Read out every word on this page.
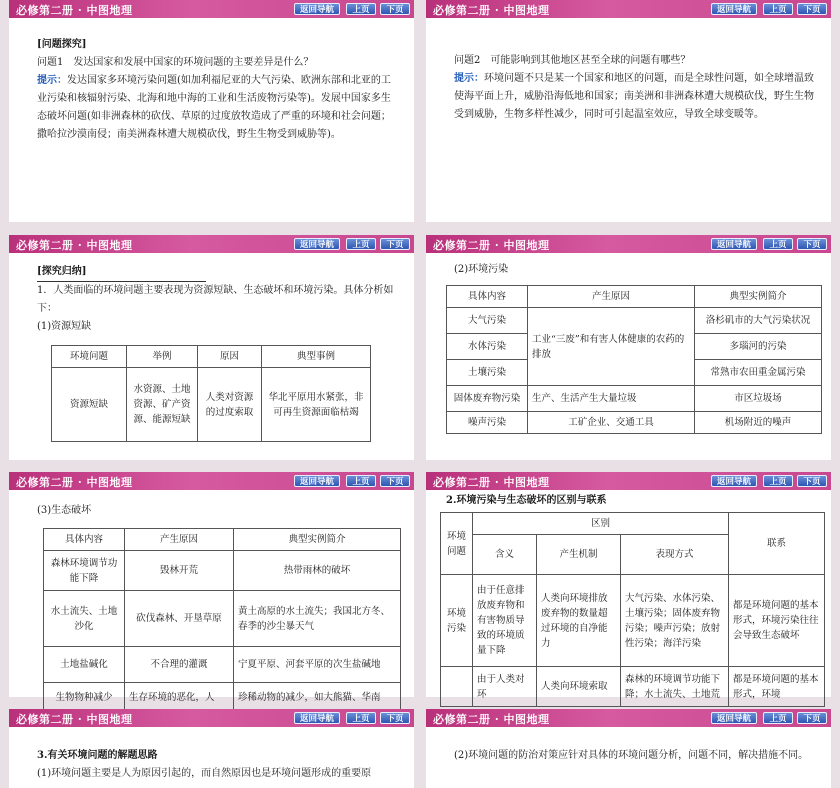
必修第二册 · 中图地理	返回导航	上页	下页
[问题探究]
问题1　发达国家和发展中国家的环境问题的主要差异是什么？
提示：发达国家多环境污染问题(如加利福尼亚的大气污染、欧洲东部和北亚的工业污染和核辐射污染、北海和地中海的工业和生活废物污染等)。发展中国家多生态破坏问题(如非洲森林的砍伐、草原的过度放牧造成了严重的环境和社会问题；撒哈拉沙漠南侵；南美洲森林遭大规模砍伐，野生生物受到威胁等)。
必修第二册 · 中图地理	返回导航	上页	下页
问题2　可能影响到其他地区甚至全球的问题有哪些？
提示：环境问题不只是某一个国家和地区的问题，而是全球性问题，如全球增温致使海平面上升，威胁沿海低地和国家；南美洲和非洲森林遭大规模砍伐，野生生物受到威胁，生物多样性减少，同时可引起温室效应，导致全球变暖等。
必修第二册 · 中图地理	返回导航	上页	下页
[探究归纳]
1．人类面临的环境问题主要表现为资源短缺、生态破坏和环境污染。具体分析如下：
(1)资源短缺
环境问题	举例	原因	典型事例
资源短缺	水资源、土地资源、矿产资源、能源短缺	人类对资源的过度索取	华北平原用水紧张，非可再生资源面临枯竭
必修第二册 · 中图地理	返回导航	上页	下页
(2)环境污染
具体内容	产生原因	典型实例简介
大气污染	工业“三废”和有害人体健康的农药的排放	洛杉矶市的大气污染状况
水体污染		多瑙河的污染
土壤污染		常熟市农田重金属污染
固体废弃物污染	生产、生活产生大量垃圾	市区垃圾场
噪声污染	工矿企业、交通工具	机场附近的噪声
必修第二册 · 中图地理	返回导航	上页	下页
(3)生态破坏
具体内容	产生原因	典型实例简介
森林环境调节功能下降	毁林开荒	热带雨林的破坏
水土流失、土地沙化	砍伐森林、开垦草原	黄土高原的水土流失；我国北方冬、春季的沙尘暴天气
土地盐碱化	不合理的灌溉	宁夏平原、河套平原的次生盐碱地
生物物种减少	生存环境的恶化，人	珍稀动物的减少，如大熊猫、华南
必修第二册 · 中图地理	返回导航	上页	下页
2.环境污染与生态破坏的区别与联系
环境问题	区别			联系
	含义	产生机制	表现方式	
环境污染	由于任意排放废弃物和有害物质导致的环境质量下降	人类向环境排放废弃物的数量超过环境的自净能力	大气污染、水体污染、土壤污染；固体废弃物污染；噪声污染；放射性污染；海洋污染	都是环境问题的基本形式，环境污染往往会导致生态破坏
	由于人类对环	人类向环境索取	森林的环境调节功能下降；水土流失、土地荒	都是环境问题的基本形式，环境
必修第二册 · 中图地理	返回导航	上页	下页
3.有关环境问题的解题思路
(1)环境问题主要是人为原因引起的，而自然原因也是环境问题形成的重要原
必修第二册 · 中图地理	返回导航	上页	下页
(2)环境问题的防治对策应针对具体的环境问题分析，问题不同，解决措施不同。
